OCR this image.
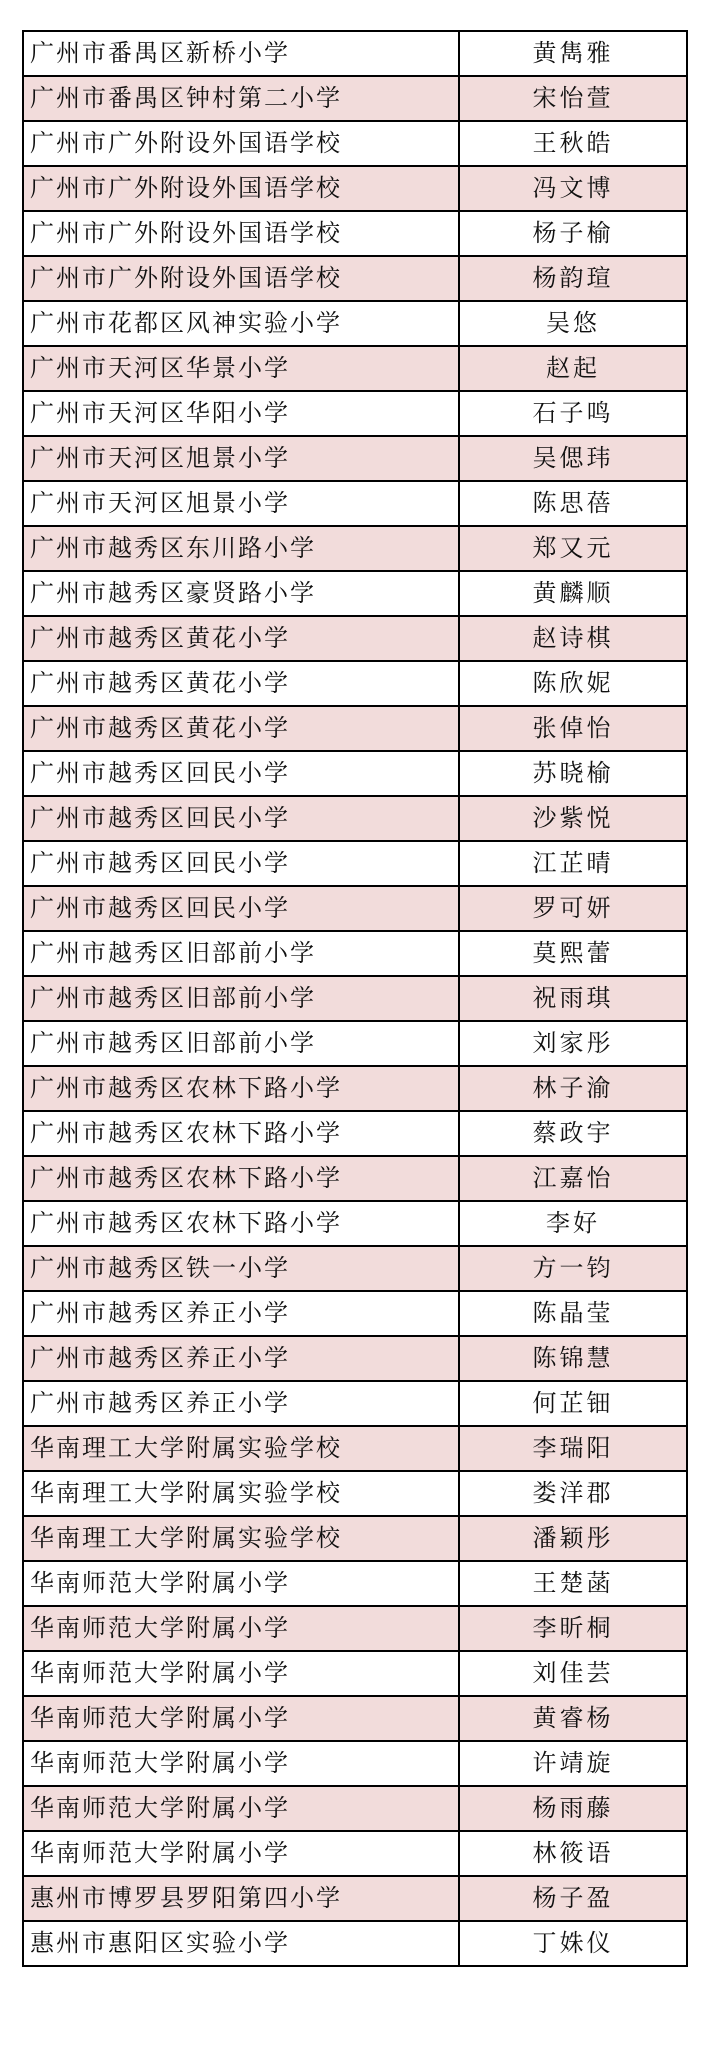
广州市番禺区新桥小学	黄雋雅
广州市番禺区钟村第二小学	宋怡萱
广州市广外附设外国语学校	王秋皓
广州市广外附设外国语学校	冯文博
广州市广外附设外国语学校	杨子榆
广州市广外附设外国语学校	杨韵瑄
广州市花都区风神实验小学	吴悠
广州市天河区华景小学	赵起
广州市天河区华阳小学	石子鸣
广州市天河区旭景小学	吴偲玮
广州市天河区旭景小学	陈思蓓
广州市越秀区东川路小学	郑又元
广州市越秀区豪贤路小学	黄麟顺
广州市越秀区黄花小学	赵诗棋
广州市越秀区黄花小学	陈欣妮
广州市越秀区黄花小学	张倬怡
广州市越秀区回民小学	苏晓榆
广州市越秀区回民小学	沙紫悦
广州市越秀区回民小学	江芷晴
广州市越秀区回民小学	罗可妍
广州市越秀区旧部前小学	莫熙蕾
广州市越秀区旧部前小学	祝雨琪
广州市越秀区旧部前小学	刘家彤
广州市越秀区农林下路小学	林子渝
广州市越秀区农林下路小学	蔡政宇
广州市越秀区农林下路小学	江嘉怡
广州市越秀区农林下路小学	李好
广州市越秀区铁一小学	方一钧
广州市越秀区养正小学	陈晶莹
广州市越秀区养正小学	陈锦慧
广州市越秀区养正小学	何芷钿
华南理工大学附属实验学校	李瑞阳
华南理工大学附属实验学校	娄洋郡
华南理工大学附属实验学校	潘颖彤
华南师范大学附属小学	王楚菡
华南师范大学附属小学	李昕桐
华南师范大学附属小学	刘佳芸
华南师范大学附属小学	黄睿杨
华南师范大学附属小学	许靖旋
华南师范大学附属小学	杨雨藤
华南师范大学附属小学	林筱语
惠州市博罗县罗阳第四小学	杨子盈
惠州市惠阳区实验小学	丁姝仪
